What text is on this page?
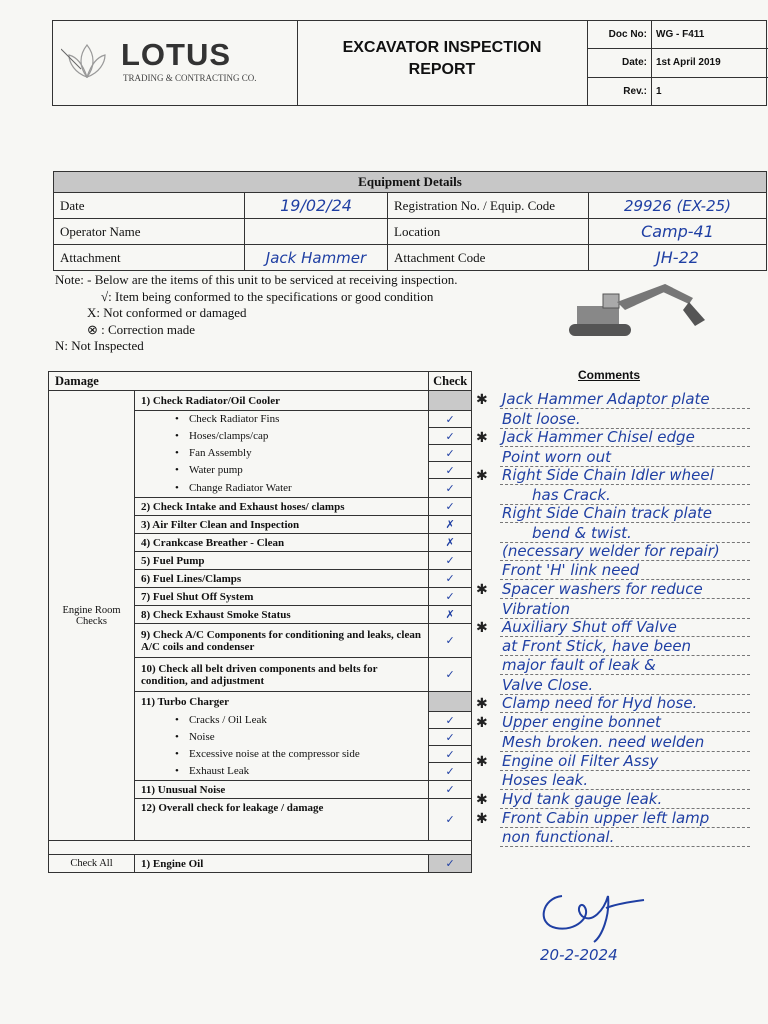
LOTUS
TRADING & CONTRACTING CO.
EXCAVATOR INSPECTION
REPORT
Doc No:	WG - F411
Date:	1st April 2019
Rev.:	1
Equipment Details			
Date	19/02/24	Registration No. / Equip. Code	29926 (EX-25)
Operator Name		Location	Camp-41
Attachment	Jack Hammer	Attachment Code	JH-22
Note: - Below are the items of this unit to be serviced at receiving inspection.
√: Item being conformed to the specifications or good condition
X: Not conformed or damaged
⊗ : Correction made
N: Not Inspected
Damage		Check
Engine Room Checks	1) Check Radiator/Oil Cooler	
	• Check Radiator Fins	✓
	• Hoses/clamps/cap	✓
	• Fan Assembly	✓
	• Water pump	✓
	• Change Radiator Water	✓
	2) Check Intake and Exhaust hoses/ clamps	✓
	3) Air Filter Clean and Inspection	✗
	4) Crankcase Breather - Clean	✗
	5) Fuel Pump	✓
	6) Fuel Lines/Clamps	✓
	7) Fuel Shut Off System	✓
	8) Check Exhaust Smoke Status	✗
	9) Check A/C Components for conditioning and leaks, clean A/C coils and condenser	✓
	10) Check all belt driven components and belts for condition, and adjustment	✓
	11) Turbo Charger	
	• Cracks / Oil Leak	✓
	• Noise	✓
	• Excessive noise at the compressor side	✓
	• Exhaust Leak	✓
	11) Unusual Noise	✓
	12) Overall check for leakage / damage	✓

Check All	1) Engine Oil	✓
Comments
Jack Hammer Adaptor plate
✱
Bolt loose.
Jack Hammer Chisel edge
✱
Point worn out
Right Side Chain Idler wheel
✱
has Crack.
Right Side Chain track plate
bend & twist.
(necessary welder for repair)
Front 'H' link need
Spacer washers for reduce
✱
Vibration
Auxiliary Shut off Valve
✱
at Front Stick, have been
major fault of leak &
Valve Close.
Clamp need for Hyd hose.
✱
Upper engine bonnet
✱
Mesh broken. need welden
Engine oil Filter Assy
✱
Hoses leak.
Hyd tank gauge leak.
✱
Front Cabin upper left lamp
✱
non functional.
20-2-2024
